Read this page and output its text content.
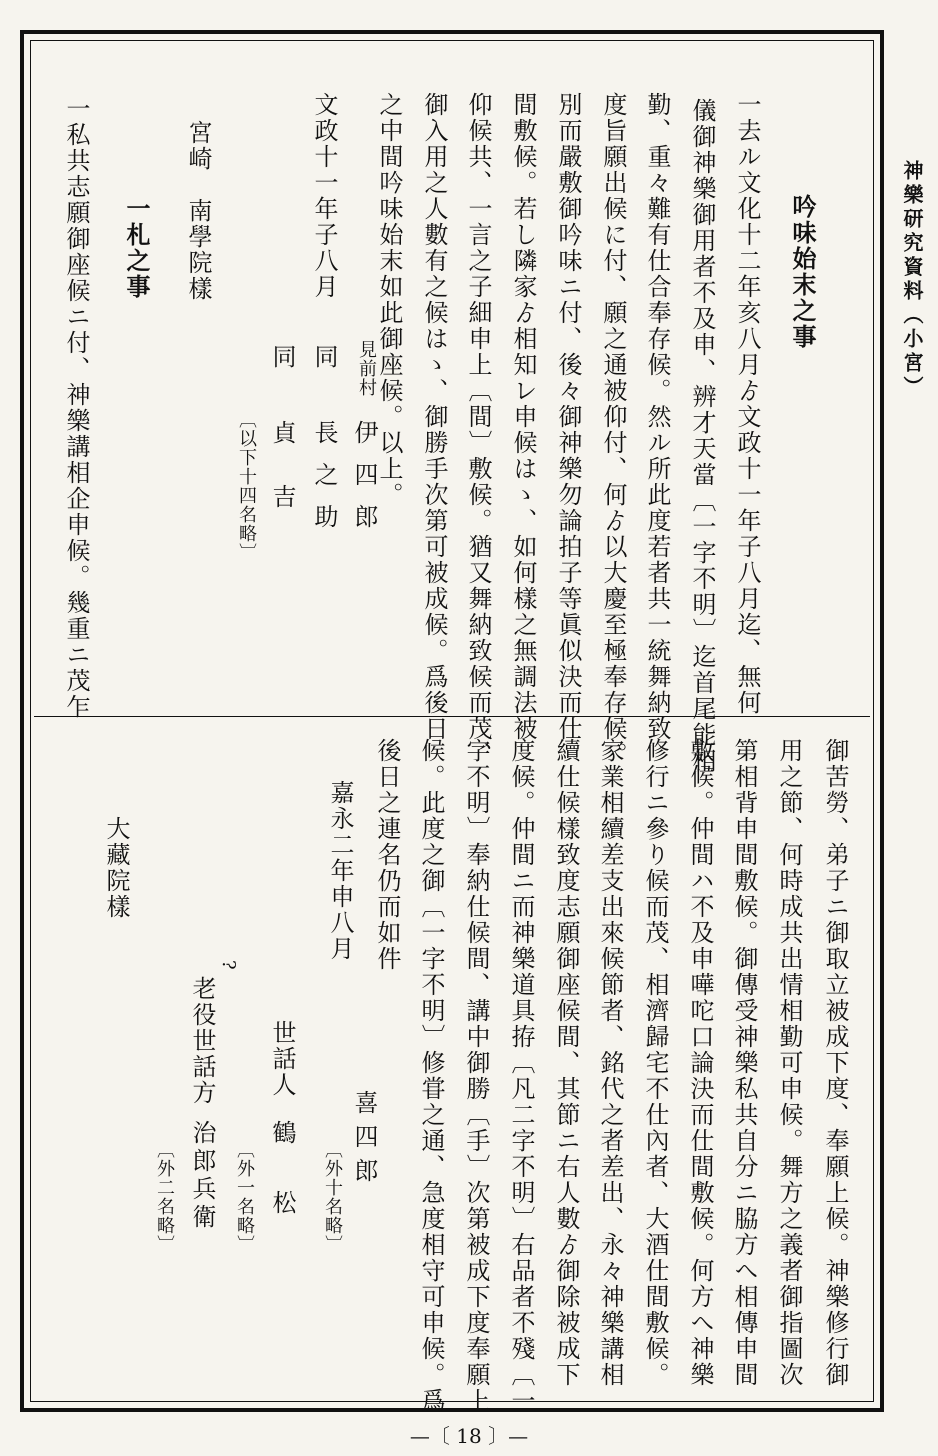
神樂研究資料（小宮）
吟味始末之事
一去ル文化十二年亥八月ゟ文政十一年子八月迄、無何
儀御神樂御用者不及申、辨才天當〔一字不明〕迄首尾能相
勤、重々難有仕合奉存候。然ル所此度若者共一統舞納致
度旨願出候に付、願之通被仰付、何ゟ以大慶至極奉存候。
別而嚴敷御吟味ニ付、後々御神樂勿論拍子等眞似決而仕
間敷候。若し隣家ゟ相知レ申候はゝ、如何樣之無調法被
仰候共、一言之子細申上〔間〕敷候。猶又舞納致候而茂、
御入用之人數有之候はゝ、御勝手次第可被成候。爲後日
之中間吟味始末如此御座候。以上。
見前村
伊四郎
文政十一年子八月
同
長之助
同
貞吉
〔以下十四名略〕
宮崎　南學院樣
一札之事
一私共志願御座候ニ付、神樂講相企申候。幾重ニ茂乍
御苦勞、弟子ニ御取立被成下度、奉願上候。神樂修行御
用之節、何時成共出情相勤可申候。舞方之義者御指圖次
第相背申間敷候。御傳受神樂私共自分ニ脇方へ相傳申間
敷候。仲間ハ不及申嘩咜口論決而仕間敷候。何方へ神樂
修行ニ參り候而茂、相濟歸宅不仕內者、大酒仕間敷候。
家業相續差支出來候節者、銘代之者差出、永々神樂講相
續仕候樣致度志願御座候間、其節ニ右人數ゟ御除被成下
度候。仲間ニ而神樂道具拵〔凡二字不明〕右品者不殘〔一
字不明〕奉納仕候間、講中御勝〔手〕次第被成下度奉願上
候。此度之御〔一字不明〕修甞之通、急度相守可申候。爲
後日之連名仍而如件
喜四郎
〔外十名略〕
嘉永二年申八月
世話人
鶴松
〔外一名略〕
?
老役世話方
治郎兵衛
〔外二名略〕
大藏院樣
—〔 18 〕—
